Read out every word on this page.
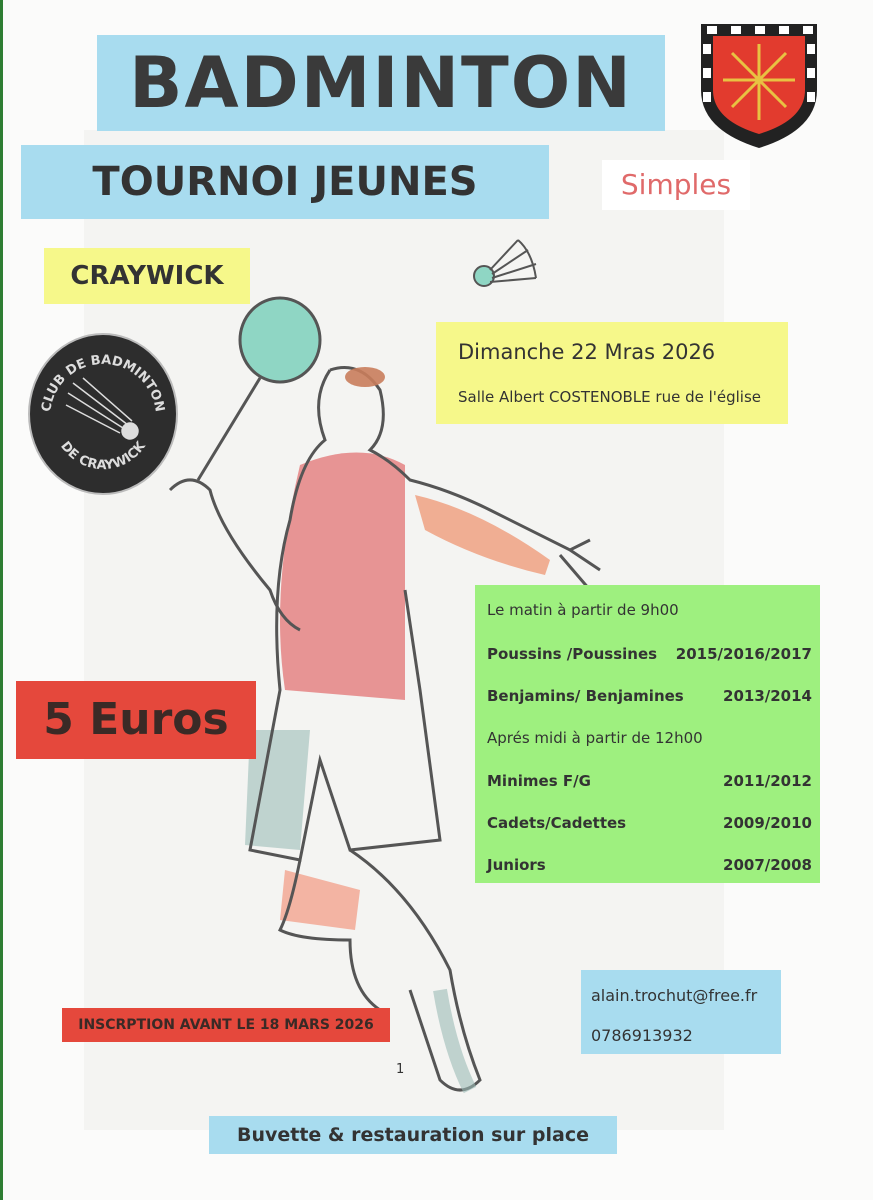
BADMINTON
TOURNOI JEUNES	Simples
CRAYWICK
CLUB DE BADMINTON
DE CRAYWICK
Dimanche 22 Mras 2026
Salle Albert COSTENOBLE rue de l'église
5 Euros
Le matin à partir de 9h00
Poussins /Poussines 2015/2016/2017
Benjamins/ Benjamines	2013/2014
Aprés midi à partir de 12h00
Minimes F/G	2011/2012
Cadets/Cadettes	2009/2010
Juniors	2007/2008
INSCRPTION AVANT LE 18 MARS 2026
alain.trochut@free.fr
0786913932
1
Buvette & restauration sur place
